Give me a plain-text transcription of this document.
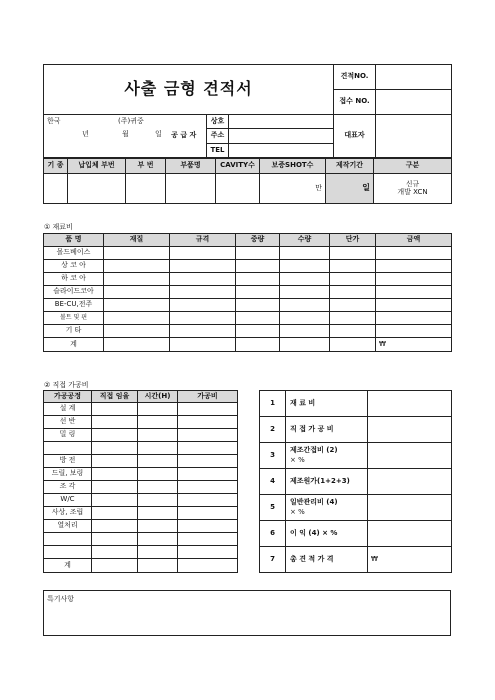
사출 금형 견적서				견적NO.	
				접수 NO.	

한국 (주)귀중
년 월 일	공 급 자	상호		대표자	
		주소			
		TEL			
기 종	납입체 부번	부 번	부품명	CAVITY수	보증SHOT수	제작기간	구분
					만	일	신규
개발 XCN
① 재료비
품 명	재질	규격	중량	수량	단가	금액
몰드베이스						
상 코 아						
하 코 아						
슬라이드코아						
BE-CU,전주						
볼트 및 핀						
기 타						
계						₩
② 직접 가공비
가공공정	직접 임율	시간(H)	가공비
설 계			
선 반			
밀 링			

방 전			
드릴, 보링			
조 각			
W/C			
사상, 조립			
열처리			

계			
1	재 료 비	

2	직 접 가 공 비	

3	제조간접비 (2)
× %	

4	제조원가(1+2+3)	

5	일반관리비 (4)
× %	

6	이 익 (4) × %	

7	총 견 적 가 격	₩
특기사항
